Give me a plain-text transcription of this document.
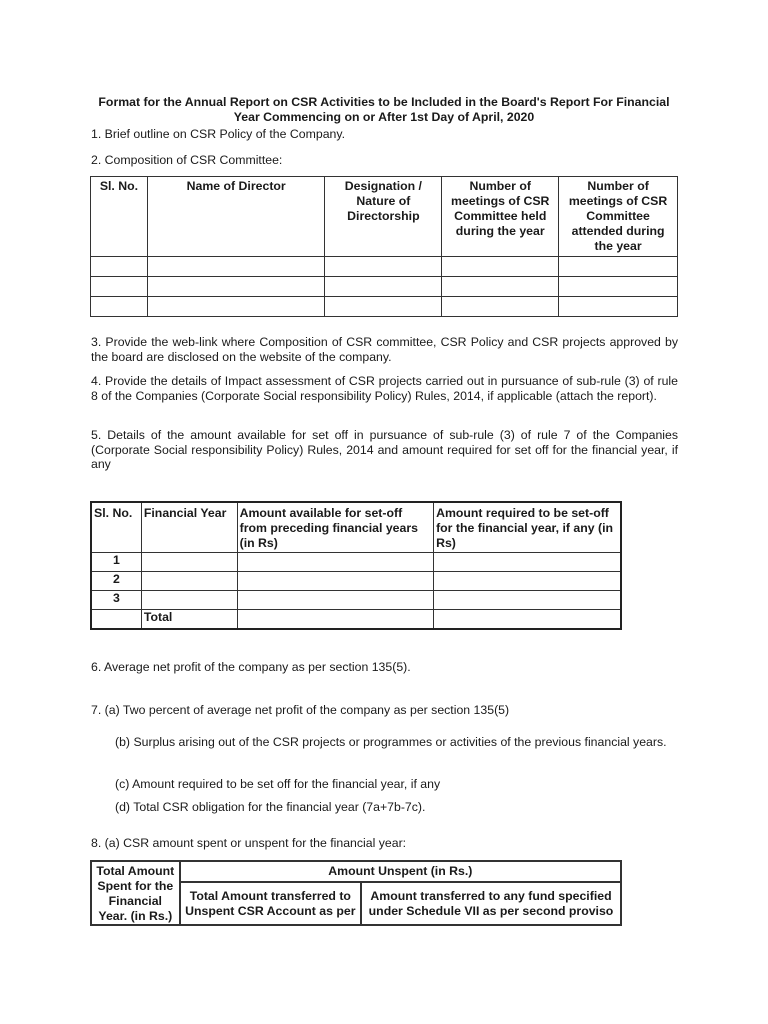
Format for the Annual Report on CSR Activities to be Included in the Board's Report For Financial
Year Commencing on or After 1st Day of April, 2020
1. Brief outline on CSR Policy of the Company.
2. Composition of CSR Committee:
Sl. No.	Name of Director	Designation / Nature of Directorship	Number of meetings of CSR Committee held during the year	Number of meetings of CSR Committee attended during the year

3. Provide the web-link where Composition of CSR committee, CSR Policy and CSR projects approved by the board are disclosed on the website of the company.
4. Provide the details of Impact assessment of CSR projects carried out in pursuance of sub-rule (3) of rule 8 of the Companies (Corporate Social responsibility Policy) Rules, 2014, if applicable (attach the report).
5. Details of the amount available for set off in pursuance of sub-rule (3) of rule 7 of the Companies (Corporate Social responsibility Policy) Rules, 2014 and amount required for set off for the financial year, if any
Sl. No.	Financial Year	Amount available for set-off from preceding financial years (in Rs)	Amount required to be set-off for the financial year, if any (in Rs)
1			
2			
3			
	Total		
6. Average net profit of the company as per section 135(5).
7. (a) Two percent of average net profit of the company as per section 135(5)
(b) Surplus arising out of the CSR projects or programmes or activities of the previous financial years.
(c) Amount required to be set off for the financial year, if any
(d) Total CSR obligation for the financial year (7a+7b-7c).
8. (a) CSR amount spent or unspent for the financial year:
Total Amount Spent for the Financial Year. (in Rs.)	Amount Unspent (in Rs.)	
	Total Amount transferred to Unspent CSR Account as per	Amount transferred to any fund specified under Schedule VII as per second proviso
